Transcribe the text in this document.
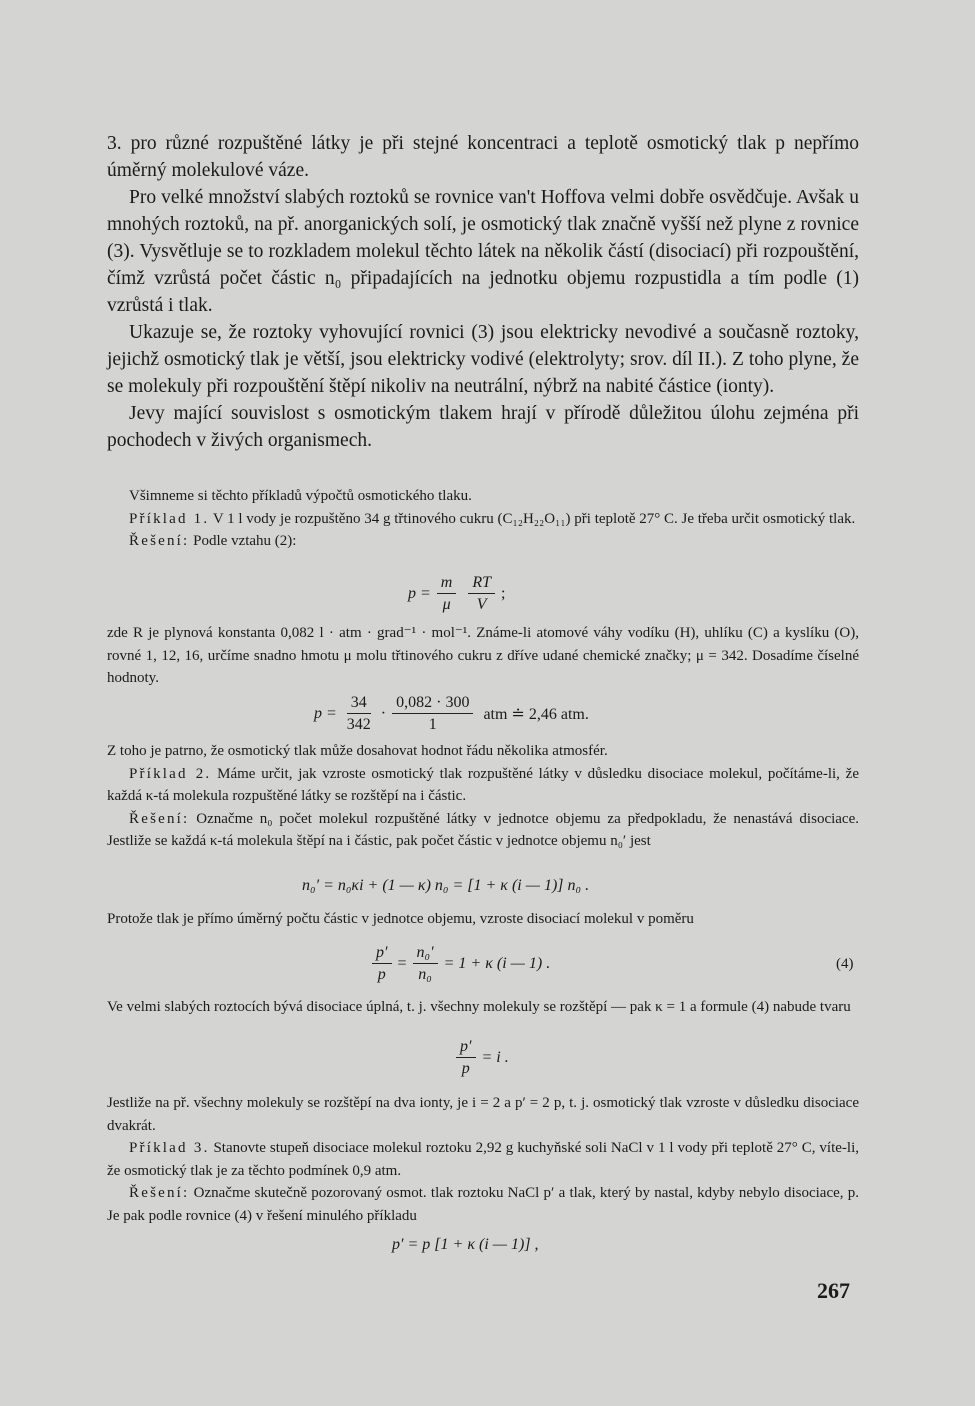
3. pro různé rozpuštěné látky je při stejné koncentraci a teplotě osmotický tlak p nepřímo úměrný molekulové váze.

Pro velké množství slabých roztoků se rovnice van't Hoffova velmi dobře osvědčuje. Avšak u mnohých roztoků, na př. anorganických solí, je osmotický tlak značně vyšší než plyne z rovnice (3). Vysvětluje se to rozkladem molekul těchto látek na několik částí (disociací) při rozpouštění, čímž vzrůstá počet částic n₀ připadajících na jednotku objemu rozpustidla a tím podle (1) vzrůstá i tlak.

Ukazuje se, že roztoky vyhovující rovnici (3) jsou elektricky nevodivé a současně roztoky, jejichž osmotický tlak je větší, jsou elektricky vodivé (elektrolyty; srov. díl II.). Z toho plyne, že se molekuly při rozpouštění štěpí nikoliv na neutrální, nýbrž na nabité částice (ionty).

Jevy mající souvislost s osmotickým tlakem hrají v přírodě důležitou úlohu zejména při pochodech v živých organismech.

Všimneme si těchto příkladů výpočtů osmotického tlaku.

Příklad 1. V 1 l vody je rozpuštěno 34 g třtinového cukru (C₁₂H₂₂O₁₁) při teplotě 27° C. Je třeba určit osmotický tlak.

Řešení: Podle vztahu (2):

$p = \frac{m}{\mu} \frac{RT}{V}$ ;

zde R je plynová konstanta 0,082 l · atm · grad⁻¹ · mol⁻¹. Známe-li atomové váhy vodíku (H), uhlíku (C) a kyslíku (O), rovné 1, 12, 16, určíme snadno hmotu μ molu třtinového cukru z dříve udané chemické značky; μ = 342. Dosadíme číselné hodnoty.

$p = \frac{34}{342} \cdot \frac{0,082 \cdot 300}{1}$ atm ≐ 2,46 atm.

Z toho je patrno, že osmotický tlak může dosahovat hodnot řádu několika atmosfér.

Příklad 2. Máme určit, jak vzroste osmotický tlak rozpuštěné látky v důsledku disociace molekul, počítáme-li, že každá κ-tá molekula rozpuštěné látky se rozštěpí na i částic.

Řešení: Označme n₀ počet molekul rozpuštěné látky v jednotce objemu za předpokladu, že nenastává disociace. Jestliže se každá κ-tá molekula štěpí na i částic, pak počet částic v jednotce objemu n₀′ jest

n₀′ = n₀κi + (1 — κ) n₀ = [1 + κ (i — 1)] n₀ .

Protože tlak je přímo úměrný počtu částic v jednotce objemu, vzroste disociací molekul v poměru

$\frac{p'}{p} = \frac{\text{n₀′}}{\text{n₀}} = 1 + \kappa$ (i — 1) .	(4)

Ve velmi slabých roztocích bývá disociace úplná, t. j. všechny molekuly se rozštěpí — pak κ = 1 a formule (4) nabude tvaru

$\frac{p'}{p} = i$ .

Jestliže na př. všechny molekuly se rozštěpí na dva ionty, je i = 2 a p′ = 2 p, t. j. osmotický tlak vzroste v důsledku disociace dvakrát.

Příklad 3. Stanovte stupeň disociace molekul roztoku 2,92 g kuchyňské soli NaCl v 1 l vody při teplotě 27° C, víte-li, že osmotický tlak je za těchto podmínek 0,9 atm.

Řešení: Označme skutečně pozorovaný osmot. tlak roztoku NaCl p′ a tlak, který by nastal, kdyby nebylo disociace, p. Je pak podle rovnice (4) v řešení minulého příkladu

p′ = p [1 + κ (i — 1)] ,
267
